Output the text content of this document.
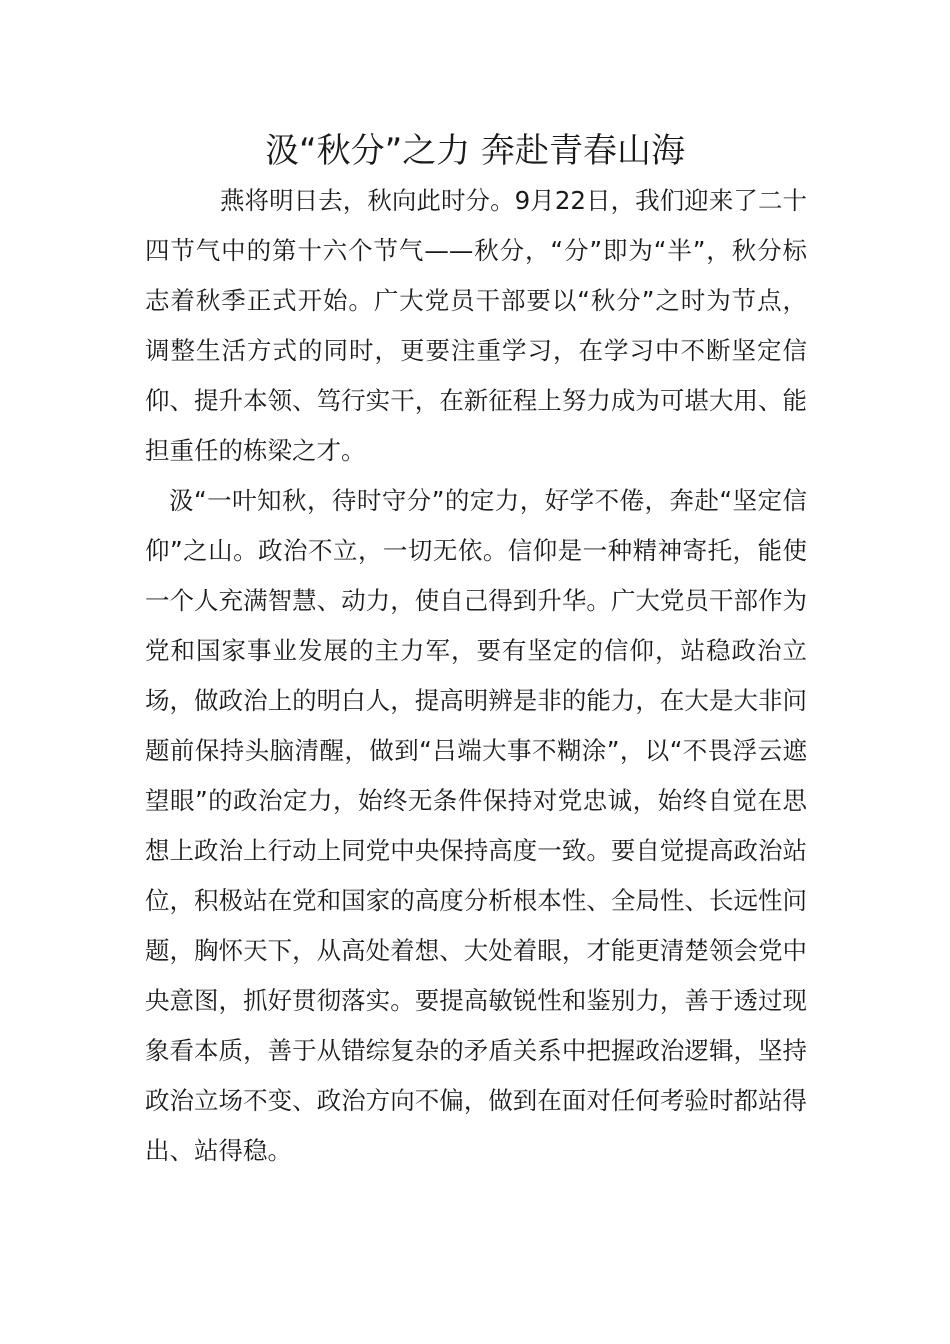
汲“秋分”之力 奔赴青春山海

燕将明日去，秋向此时分。9月22日，我们迎来了二十四节气中的第十六个节气——秋分，“分”即为“半”，秋分标志着秋季正式开始。广大党员干部要以“秋分”之时为节点，调整生活方式的同时，更要注重学习，在学习中不断坚定信仰、提升本领、笃行实干，在新征程上努力成为可堪大用、能担重任的栋梁之才。

汲“一叶知秋，待时守分”的定力，好学不倦，奔赴“坚定信仰”之山。政治不立，一切无依。信仰是一种精神寄托，能使一个人充满智慧、动力，使自己得到升华。广大党员干部作为党和国家事业发展的主力军，要有坚定的信仰，站稳政治立场，做政治上的明白人，提高明辨是非的能力，在大是大非问题前保持头脑清醒，做到“吕端大事不糊涂”，以“不畏浮云遮望眼”的政治定力，始终无条件保持对党忠诚，始终自觉在思想上政治上行动上同党中央保持高度一致。要自觉提高政治站位，积极站在党和国家的高度分析根本性、全局性、长远性问题，胸怀天下，从高处着想、大处着眼，才能更清楚领会党中央意图，抓好贯彻落实。要提高敏锐性和鉴别力，善于透过现象看本质，善于从错综复杂的矛盾关系中把握政治逻辑，坚持政治立场不变、政治方向不偏，做到在面对任何考验时都站得出、站得稳。
